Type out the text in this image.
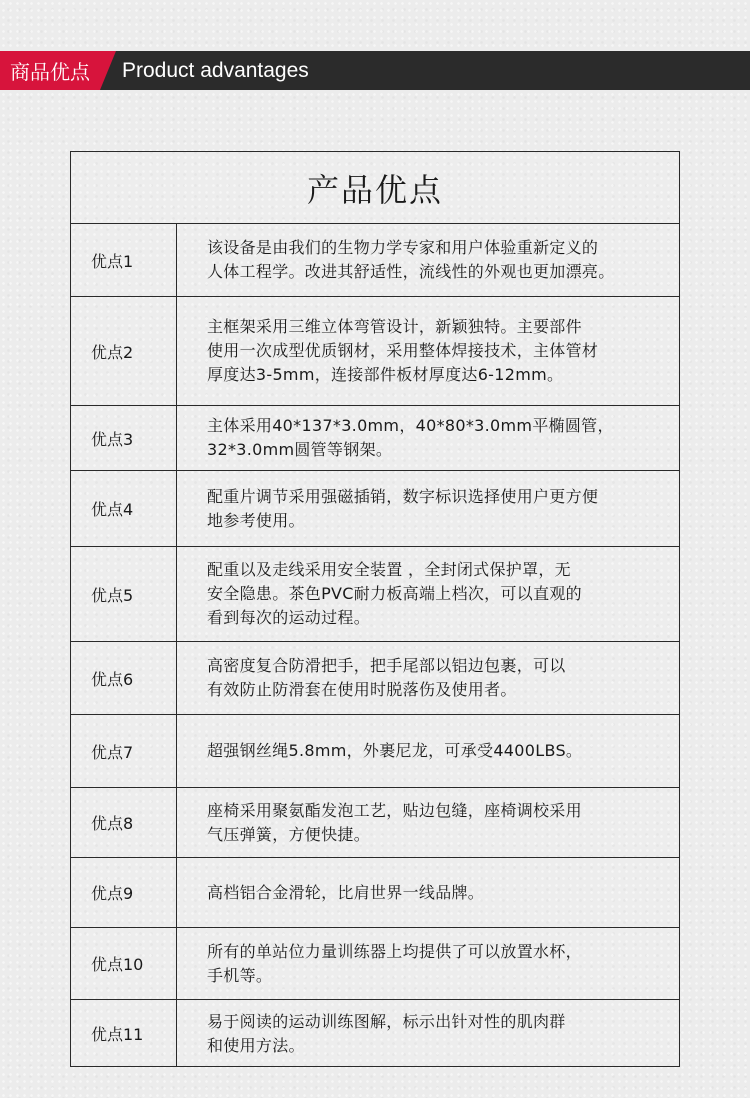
商品优点	Product advantages
产品优点
优点1
该设备是由我们的生物力学专家和用户体验重新定义的
人体工程学。改进其舒适性，流线性的外观也更加漂亮。
优点2
主框架采用三维立体弯管设计，新颖独特。主要部件
使用一次成型优质钢材，采用整体焊接技术，主体管材
厚度达3-5mm，连接部件板材厚度达6-12mm。
优点3
主体采用40*137*3.0mm，40*80*3.0mm平椭圆管，
32*3.0mm圆管等钢架。
优点4
配重片调节采用强磁插销，数字标识选择使用户更方便
地参考使用。
优点5
配重以及走线采用安全装置 ，全封闭式保护罩，无
安全隐患。茶色PVC耐力板高端上档次，可以直观的
看到每次的运动过程。
优点6
高密度复合防滑把手，把手尾部以铝边包裹，可以
有效防止防滑套在使用时脱落伤及使用者。
优点7	超强钢丝绳5.8mm，外裹尼龙，可承受4400LBS。
优点8
座椅采用聚氨酯发泡工艺，贴边包缝，座椅调校采用
气压弹簧，方便快捷。
优点9	高档铝合金滑轮，比肩世界一线品牌。
优点10
所有的单站位力量训练器上均提供了可以放置水杯，
手机等。
优点11
易于阅读的运动训练图解，标示出针对性的肌肉群
和使用方法。
